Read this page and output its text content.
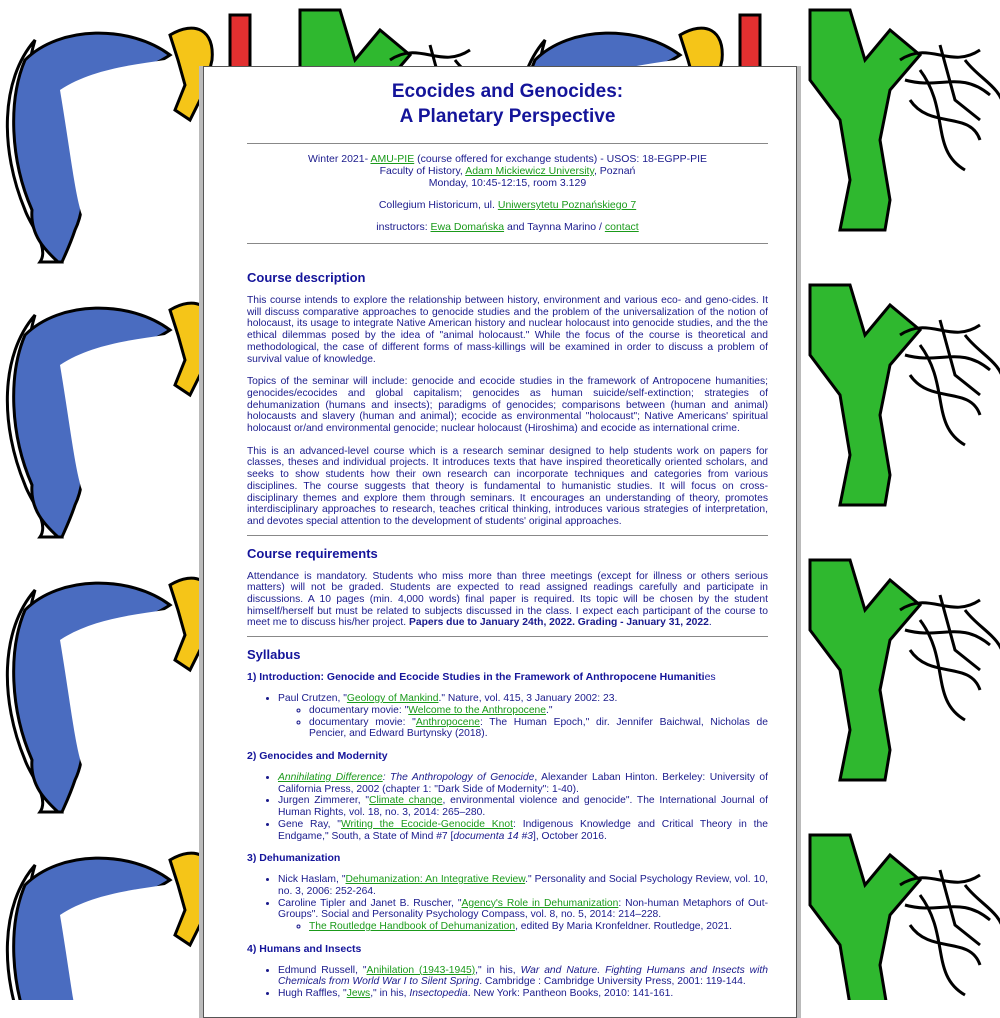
Ecocides and Genocides:
A Planetary Perspective
Winter 2021- AMU-PIE (course offered for exchange students) - USOS: 18-EGPP-PIE
Faculty of History, Adam Mickiewicz University, Poznań
Monday, 10:45-12:15, room 3.129
Collegium Historicum, ul. Uniwersytetu Poznańskiego 7
instructors: Ewa Domańska and Taynna Marino / contact
Course description

This course intends to explore the relationship between history, environment and various eco- and geno-cides. It will discuss comparative approaches to genocide studies and the problem of the universalization of the notion of holocaust, its usage to integrate Native American history and nuclear holocaust into genocide studies, and the the ethical dilemmas posed by the idea of "animal holocaust." While the focus of the course is theoretical and methodological, the case of different forms of mass-killings will be examined in order to discuss a problem of survival value of knowledge.

Topics of the seminar will include: genocide and ecocide studies in the framework of Antropocene humanities; genocides/ecocides and global capitalism; genocides as human suicide/self-extinction; strategies of dehumanization (humans and insects); paradigms of genocides; comparisons between (human and animal) holocausts and slavery (human and animal); ecocide as environmental "holocaust"; Native Americans' spiritual holocaust or/and environmental genocide; nuclear holocaust (Hiroshima) and ecocide as international crime.

This is an advanced-level course which is a research seminar designed to help students work on papers for classes, theses and individual projects. It introduces texts that have inspired theoretically oriented scholars, and seeks to show students how their own research can incorporate techniques and categories from various disciplines. The course suggests that theory is fundamental to humanistic studies. It will focus on cross-disciplinary themes and explore them through seminars. It encourages an understanding of theory, promotes interdisciplinary approaches to research, teaches critical thinking, introduces various strategies of interpretation, and devotes special attention to the development of students' original approaches.

Course requirements

Attendance is mandatory. Students who miss more than three meetings (except for illness or others serious matters) will not be graded. Students are expected to read assigned readings carefully and participate in discussions. A 10 pages (min. 4,000 words) final paper is required. Its topic will be chosen by the student himself/herself but must be related to subjects discussed in the class. I expect each participant of the course to meet me to discuss his/her project. Papers due to January 24th, 2022. Grading - January 31, 2022.

Syllabus
1) Introduction: Genocide and Ecocide Studies in the Framework of Anthropocene Humanities
• Paul Crutzen, "Geology of Mankind." Nature, vol. 415, 3 January 2002: 23.
◦ documentary movie: "Welcome to the Anthropocene."
◦ documentary movie: "Anthropocene: The Human Epoch," dir. Jennifer Baichwal, Nicholas de Pencier, and Edward Burtynsky (2018).
2) Genocides and Modernity
• Annihilating Difference: The Anthropology of Genocide, Alexander Laban Hinton. Berkeley: University of California Press, 2002 (chapter 1: "Dark Side of Modernity": 1-40).
• Jurgen Zimmerer, "Climate change, environmental violence and genocide". The International Journal of Human Rights, vol. 18, no. 3, 2014: 265–280.
• Gene Ray, "Writing the Ecocide-Genocide Knot: Indigenous Knowledge and Critical Theory in the Endgame," South, a State of Mind #7 [documenta 14 #3], October 2016.
3) Dehumanization
• Nick Haslam, "Dehumanization: An Integrative Review." Personality and Social Psychology Review, vol. 10, no. 3, 2006: 252-264.
• Caroline Tipler and Janet B. Ruscher, "Agency's Role in Dehumanization: Non-human Metaphors of Out-Groups". Social and Personality Psychology Compass, vol. 8, no. 5, 2014: 214–228.
◦ The Routledge Handbook of Dehumanization, edited By Maria Kronfeldner. Routledge, 2021.
4) Humans and Insects
• Edmund Russell, "Anihilation (1943-1945)," in his, War and Nature. Fighting Humans and Insects with Chemicals from World War I to Silent Spring. Cambridge : Cambridge University Press, 2001: 119-144.
• Hugh Raffles, "Jews," in his, Insectopedia. New York: Pantheon Books, 2010: 141-161.
